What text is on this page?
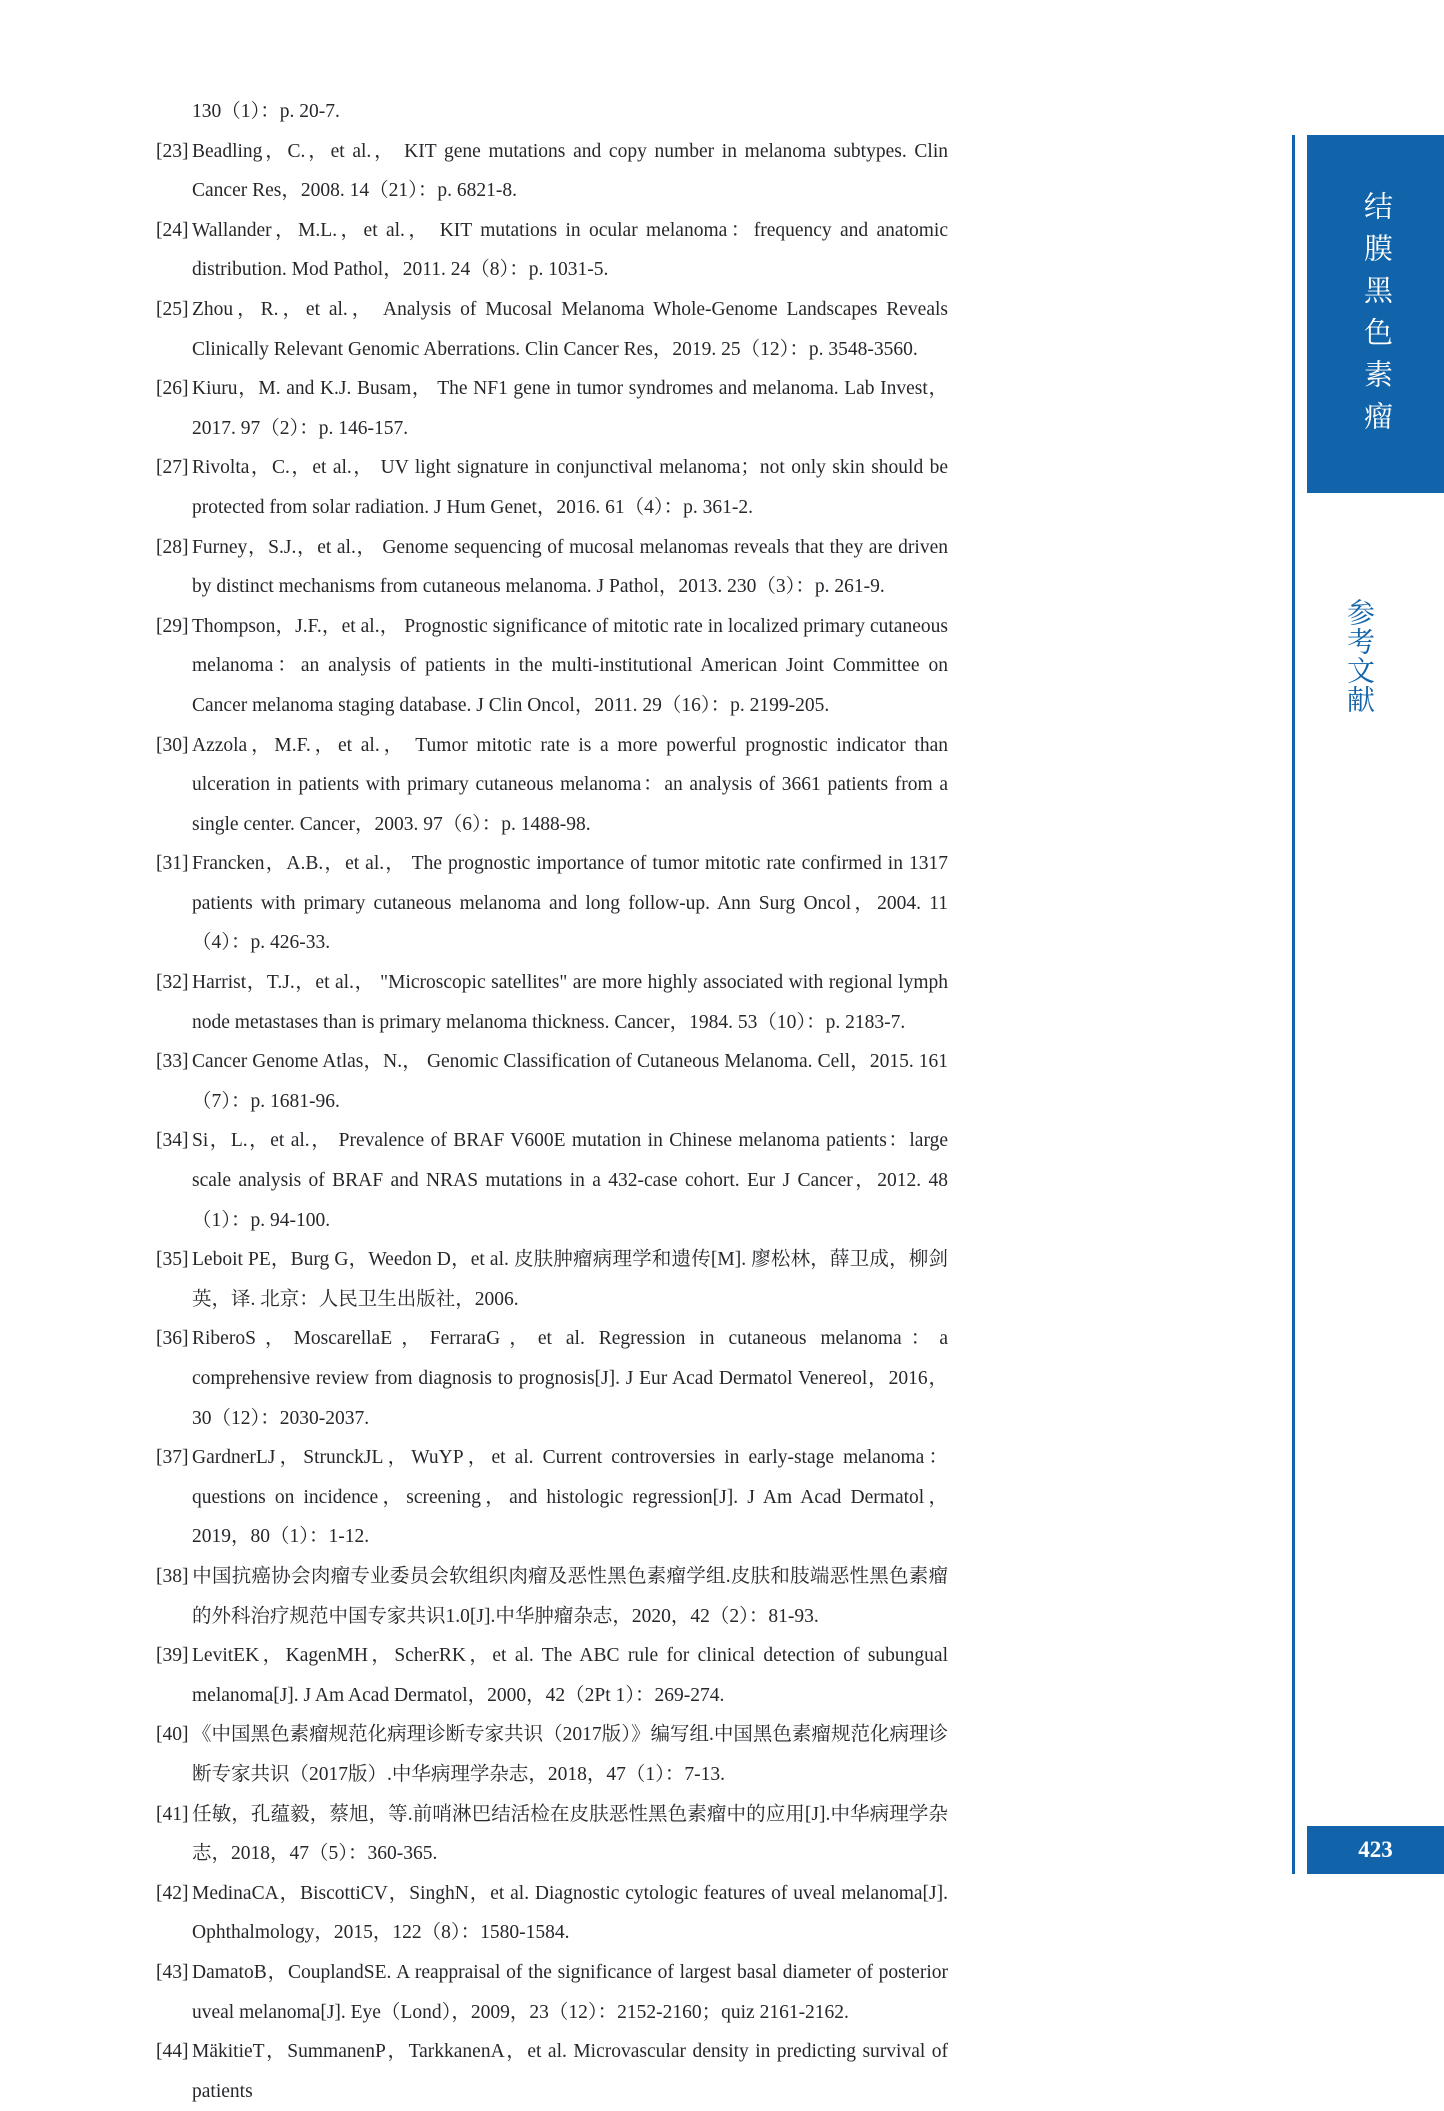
130（1）：p. 20-7.

[23] Beadling，C.，et al.， KIT gene mutations and copy number in melanoma subtypes. Clin Cancer Res，2008. 14（21）：p. 6821-8.

[24] Wallander，M.L.，et al.， KIT mutations in ocular melanoma：frequency and anatomic distribution. Mod Pathol，2011. 24（8）：p. 1031-5.

[25] Zhou，R.，et al.， Analysis of Mucosal Melanoma Whole-Genome Landscapes Reveals Clinically Relevant Genomic Aberrations. Clin Cancer Res，2019. 25（12）：p. 3548-3560.

[26] Kiuru，M. and K.J. Busam， The NF1 gene in tumor syndromes and melanoma. Lab Invest，2017. 97（2）：p. 146-157.

[27] Rivolta，C.，et al.， UV light signature in conjunctival melanoma；not only skin should be protected from solar radiation. J Hum Genet，2016. 61（4）：p. 361-2.

[28] Furney，S.J.，et al.， Genome sequencing of mucosal melanomas reveals that they are driven by distinct mechanisms from cutaneous melanoma. J Pathol，2013. 230（3）：p. 261-9.

[29] Thompson，J.F.，et al.， Prognostic significance of mitotic rate in localized primary cutaneous melanoma：an analysis of patients in the multi-institutional American Joint Committee on Cancer melanoma staging database. J Clin Oncol，2011. 29（16）：p. 2199-205.

[30] Azzola，M.F.，et al.， Tumor mitotic rate is a more powerful prognostic indicator than ulceration in patients with primary cutaneous melanoma：an analysis of 3661 patients from a single center. Cancer，2003. 97（6）：p. 1488-98.

[31] Francken，A.B.，et al.， The prognostic importance of tumor mitotic rate confirmed in 1317 patients with primary cutaneous melanoma and long follow-up. Ann Surg Oncol，2004. 11（4）：p. 426-33.

[32] Harrist，T.J.，et al.， "Microscopic satellites" are more highly associated with regional lymph node metastases than is primary melanoma thickness. Cancer，1984. 53（10）：p. 2183-7.

[33] Cancer Genome Atlas，N.， Genomic Classification of Cutaneous Melanoma. Cell，2015. 161（7）：p. 1681-96.

[34] Si，L.，et al.， Prevalence of BRAF V600E mutation in Chinese melanoma patients：large scale analysis of BRAF and NRAS mutations in a 432-case cohort. Eur J Cancer，2012. 48（1）：p. 94-100.

[35] Leboit PE，Burg G，Weedon D，et al. 皮肤肿瘤病理学和遗传[M]. 廖松林，薛卫成，柳剑英，译. 北京：人民卫生出版社，2006.

[36] RiberoS，MoscarellaE，FerraraG，et al. Regression in cutaneous melanoma：a comprehensive review from diagnosis to prognosis[J]. J Eur Acad Dermatol Venereol，2016，30（12）：2030-2037.

[37] GardnerLJ，StrunckJL，WuYP，et al. Current controversies in early-stage melanoma：questions on incidence，screening，and histologic regression[J]. J Am Acad Dermatol，2019，80（1）：1-12.

[38] 中国抗癌协会肉瘤专业委员会软组织肉瘤及恶性黑色素瘤学组.皮肤和肢端恶性黑色素瘤的外科治疗规范中国专家共识1.0[J].中华肿瘤杂志，2020，42（2）：81-93.

[39] LevitEK，KagenMH，ScherRK，et al. The ABC rule for clinical detection of subungual melanoma[J]. J Am Acad Dermatol，2000，42（2Pt 1）：269-274.

[40] 《中国黑色素瘤规范化病理诊断专家共识（2017版）》编写组.中国黑色素瘤规范化病理诊断专家共识（2017版）.中华病理学杂志，2018，47（1）：7-13.

[41] 任敏，孔蕴毅，蔡旭，等.前哨淋巴结活检在皮肤恶性黑色素瘤中的应用[J].中华病理学杂志，2018，47（5）：360-365.

[42] MedinaCA，BiscottiCV，SinghN，et al. Diagnostic cytologic features of uveal melanoma[J]. Ophthalmology，2015，122（8）：1580-1584.

[43] DamatoB，CouplandSE. A reappraisal of the significance of largest basal diameter of posterior uveal melanoma[J]. Eye（Lond），2009，23（12）：2152-2160；quiz 2161-2162.

[44] MäkitieT，SummanenP，TarkkanenA，et al. Microvascular density in predicting survival of patients

结膜黑色素瘤
参考文献
423
